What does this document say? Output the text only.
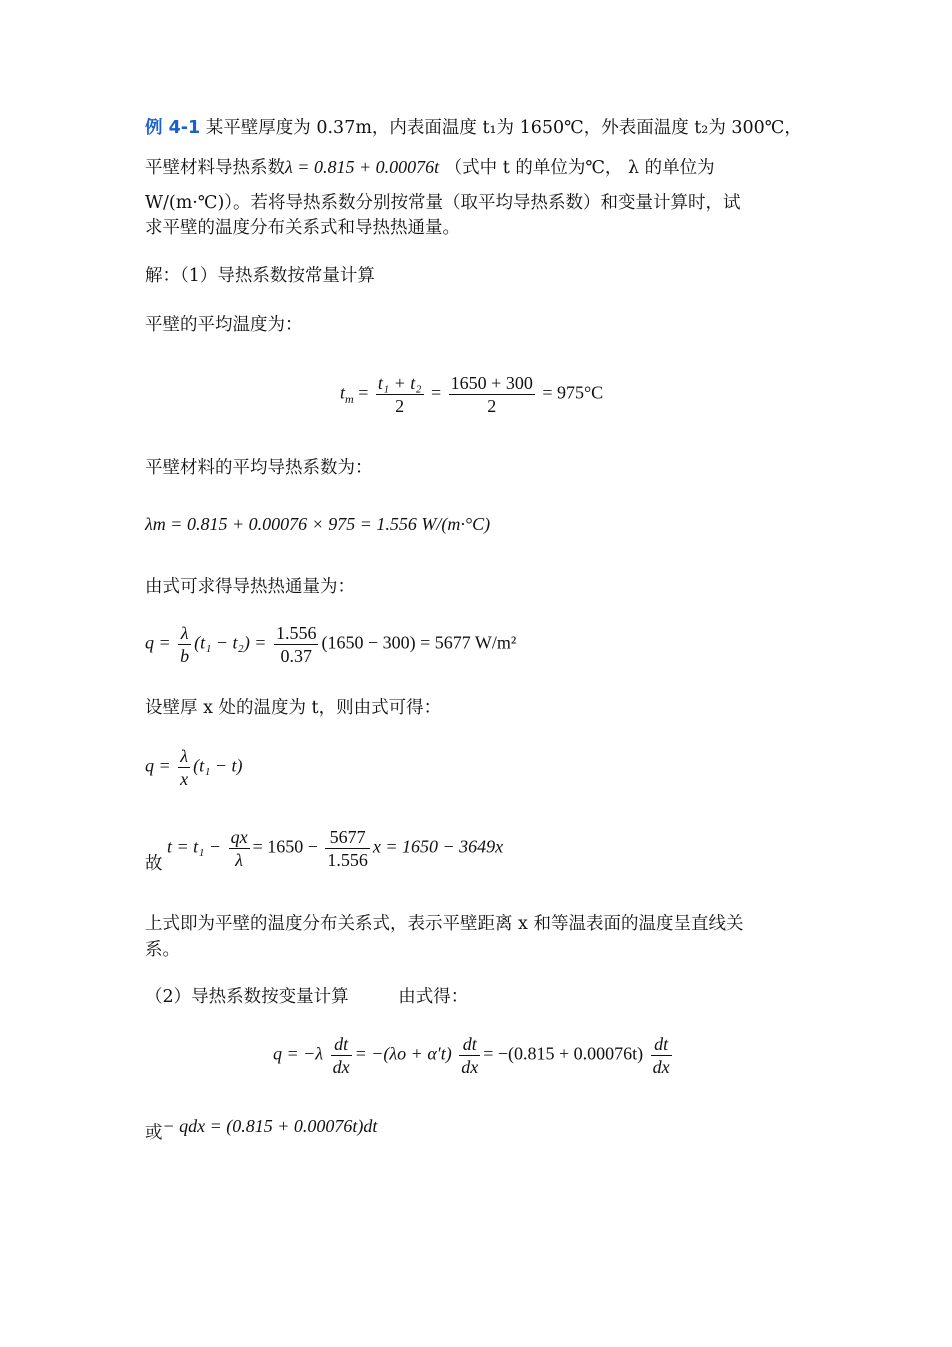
例 4-1 某平壁厚度为 0.37m，内表面温度 t₁为 1650℃，外表面温度 t₂为 300℃，
平壁材料导热系数λ = 0.815 + 0.00076t （式中 t 的单位为℃， λ 的单位为
W/(m·℃)）。若将导热系数分别按常量（取平均导热系数）和变量计算时，试
求平壁的温度分布关系式和导热热通量。
解：（1）导热系数按常量计算
平壁的平均温度为：
$t_m = \frac{\text{t₁ + t₂}}{2} = \frac{1650 + 300}{2} = 975^\circ C$
平壁材料的平均导热系数为：
λm = 0.815 + 0.00076 × 975 = 1.556 W/(m·°C)
由式可求得导热热通量为：
$q = \frac{\lambda}{b} (t_1 - t_2) = \frac{1.556}{0.37} (1650 - 300) = 5677$ W/m²
设壁厚 x 处的温度为 t，则由式可得：
$q = \frac{\lambda}{x} (t_1 - t)$
故 $t = t_1 - \frac{qx}{\lambda} = 1650 - \frac{5677}{1.556}$ x = 1650 − 3649x
上式即为平壁的温度分布关系式，表示平壁距离 x 和等温表面的温度呈直线关
系。
（2）导热系数按变量计算	由式得：
$q = -\lambda \frac{dt}{dx} = -(\lambda o + \alpha't) \frac{dt}{dx} = -(0.815 + 0.00076t) \frac{dt}{dx}$
或− qdx = (0.815 + 0.00076t)dt
